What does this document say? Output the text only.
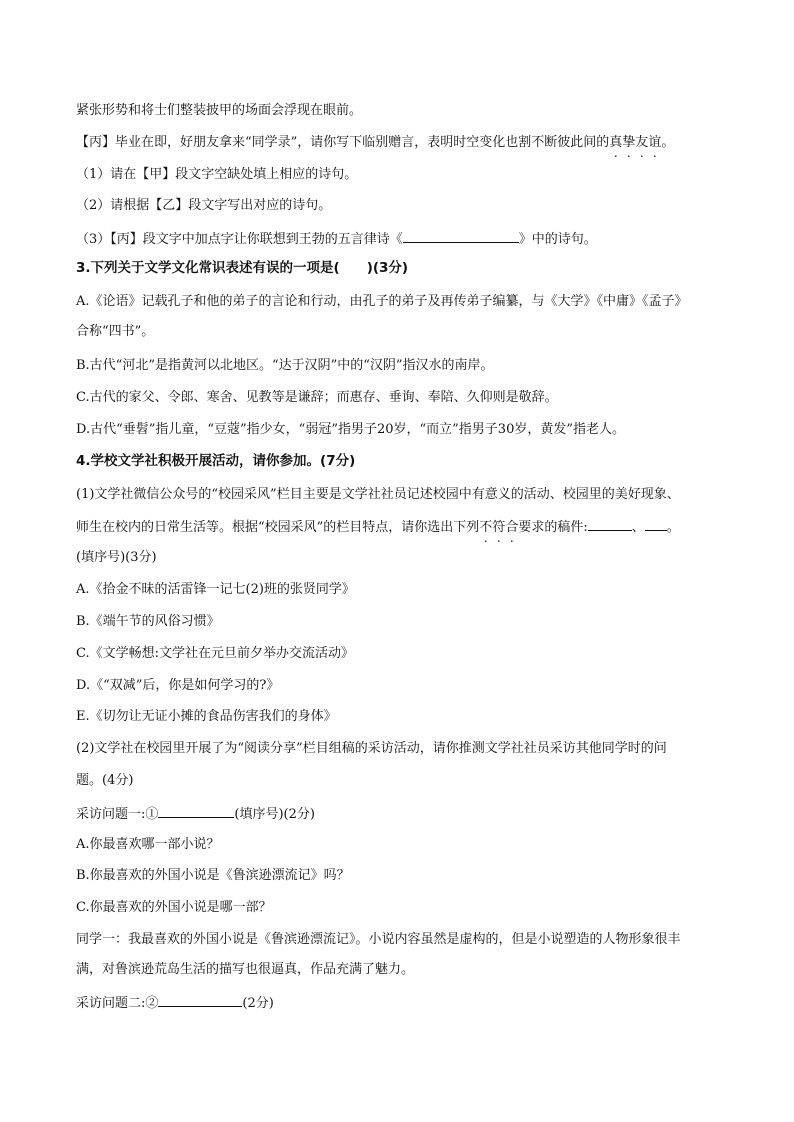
紧张形势和将士们整装披甲的场面会浮现在眼前。
【丙】毕业在即，好朋友拿来“同学录”，请你写下临别赠言，表明时空变化也割不断彼此间的真挚友谊。
（1）请在【甲】段文字空缺处填上相应的诗句。
（2）请根据【乙】段文字写出对应的诗句。
（3）【丙】段文字中加点字让你联想到王勃的五言律诗《	》中的诗句。
3.下列关于文学文化常识表述有误的一项是(　　)(3分)
A.《论语》记载孔子和他的弟子的言论和行动，由孔子的弟子及再传弟子编纂，与《大学》《中庸》《孟子》
合称“四书”。
B.古代“河北”是指黄河以北地区。“达于汉阴”中的“汉阴”指汉水的南岸。
C.古代的家父、令郎、寒舍、见教等是谦辞；而惠存、垂询、奉陪、久仰则是敬辞。
D.古代“垂髫”指儿童，“豆蔻”指少女，“弱冠”指男子20岁，“而立”指男子30岁，黄发”指老人。
4.学校文学社积极开展活动，请你参加。(7分)
(1)文学社微信公众号的“校园采风”栏目主要是文学社社员记述校园中有意义的活动、校园里的美好现象、
师生在校内的日常生活等。根据“校园采风”的栏目特点，请你选出下列不符合要求的稿件:	、 。
(填序号)(3分)
A.《拾金不昧的活雷锋一记七(2)班的张贤同学》
B.《端午节的风俗习惯》
C.《文学畅想:文学社在元旦前夕举办交流活动》
D.《“双减”后，你是如何学习的?》
E.《切勿让无证小摊的食品伤害我们的身体》
(2)文学社在校园里开展了为“阅读分享”栏目组稿的采访活动，请你推测文学社社员采访其他同学时的问
题。(4分)
采访问题一:①	(填序号)(2分)
A.你最喜欢哪一部小说？
B.你最喜欢的外国小说是《鲁滨逊漂流记》吗？
C.你最喜欢的外国小说是哪一部？
同学一：我最喜欢的外国小说是《鲁滨逊漂流记》。小说内容虽然是虚构的，但是小说塑造的人物形象很丰
满，对鲁滨逊荒岛生活的描写也很逼真，作品充满了魅力。
采访问题二:②	(2分)
